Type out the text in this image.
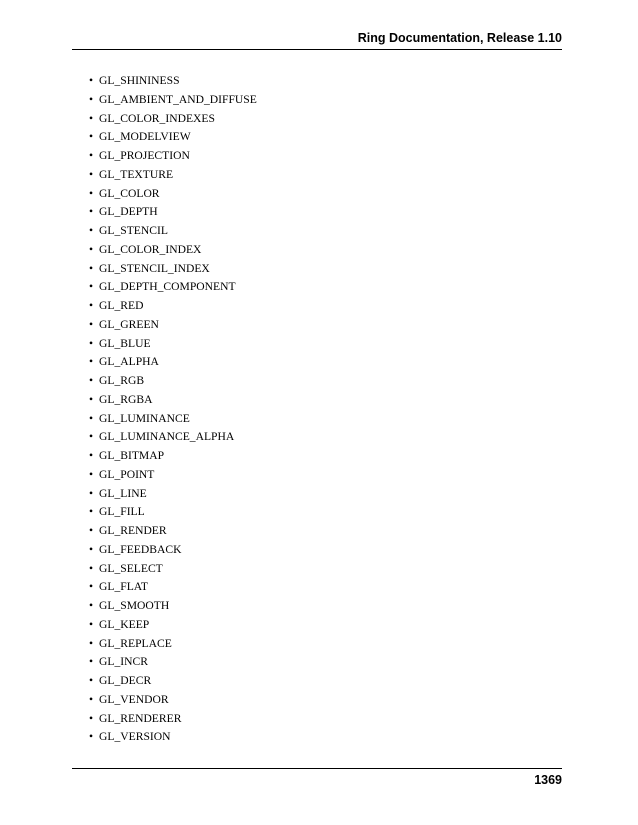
Ring Documentation, Release 1.10
• GL_SHININESS
• GL_AMBIENT_AND_DIFFUSE
• GL_COLOR_INDEXES
• GL_MODELVIEW
• GL_PROJECTION
• GL_TEXTURE
• GL_COLOR
• GL_DEPTH
• GL_STENCIL
• GL_COLOR_INDEX
• GL_STENCIL_INDEX
• GL_DEPTH_COMPONENT
• GL_RED
• GL_GREEN
• GL_BLUE
• GL_ALPHA
• GL_RGB
• GL_RGBA
• GL_LUMINANCE
• GL_LUMINANCE_ALPHA
• GL_BITMAP
• GL_POINT
• GL_LINE
• GL_FILL
• GL_RENDER
• GL_FEEDBACK
• GL_SELECT
• GL_FLAT
• GL_SMOOTH
• GL_KEEP
• GL_REPLACE
• GL_INCR
• GL_DECR
• GL_VENDOR
• GL_RENDERER
• GL_VERSION
1369
